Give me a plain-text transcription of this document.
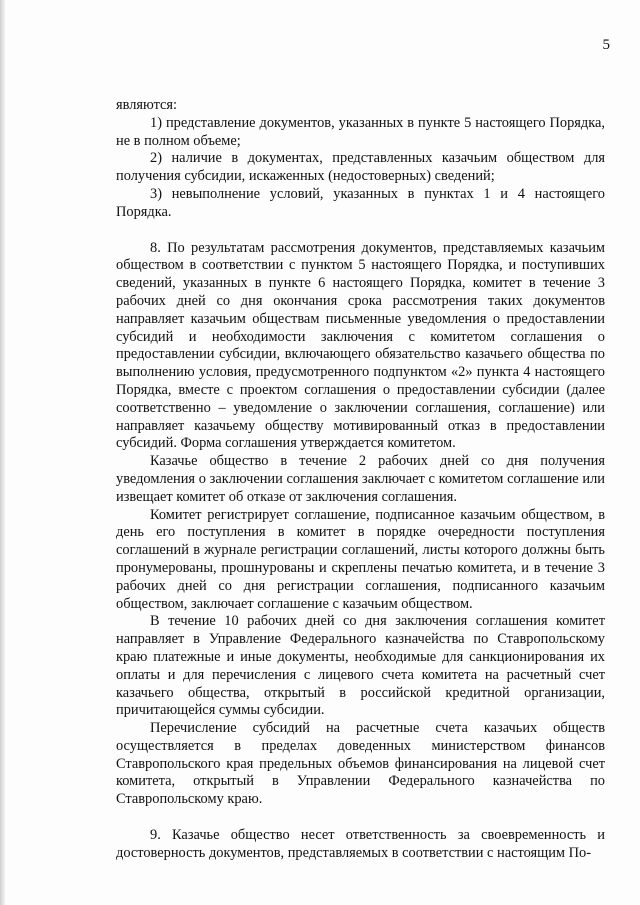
5

являются:

1) представление документов, указанных в пункте 5 настоящего Порядка, не в полном объеме;

2) наличие в документах, представленных казачьим обществом для получения субсидии, искаженных (недостоверных) сведений;

3) невыполнение условий, указанных в пунктах 1 и 4 настоящего Порядка.

8. По результатам рассмотрения документов, представляемых казачьим обществом в соответствии с пунктом 5 настоящего Порядка, и поступивших сведений, указанных в пункте 6 настоящего Порядка, комитет в течение 3 рабочих дней со дня окончания срока рассмотрения таких документов направляет казачьим обществам письменные уведомления о предоставлении субсидий и необходимости заключения с комитетом соглашения о предоставлении субсидии, включающего обязательство казачьего общества по выполнению условия, предусмотренного подпунктом «2» пункта 4 настоящего Порядка, вместе с проектом соглашения о предоставлении субсидии (далее соответственно – уведомление о заключении соглашения, соглашение) или направляет казачьему обществу мотивированный отказ в предоставлении субсидий. Форма соглашения утверждается комитетом.

Казачье общество в течение 2 рабочих дней со дня получения уведомления о заключении соглашения заключает с комитетом соглашение или извещает комитет об отказе от заключения соглашения.

Комитет регистрирует соглашение, подписанное казачьим обществом, в день его поступления в комитет в порядке очередности поступления соглашений в журнале регистрации соглашений, листы которого должны быть пронумерованы, прошнурованы и скреплены печатью комитета, и в течение 3 рабочих дней со дня регистрации соглашения, подписанного казачьим обществом, заключает соглашение с казачьим обществом.

В течение 10 рабочих дней со дня заключения соглашения комитет направляет в Управление Федерального казначейства по Ставропольскому краю платежные и иные документы, необходимые для санкционирования их оплаты и для перечисления с лицевого счета комитета на расчетный счет казачьего общества, открытый в российской кредитной организации, причитающейся суммы субсидии.

Перечисление субсидий на расчетные счета казачьих обществ осуществляется в пределах доведенных министерством финансов Ставропольского края предельных объемов финансирования на лицевой счет комитета, открытый в Управлении Федерального казначейства по Ставропольскому краю.

9. Казачье общество несет ответственность за своевременность и достоверность документов, представляемых в соответствии с настоящим По-
